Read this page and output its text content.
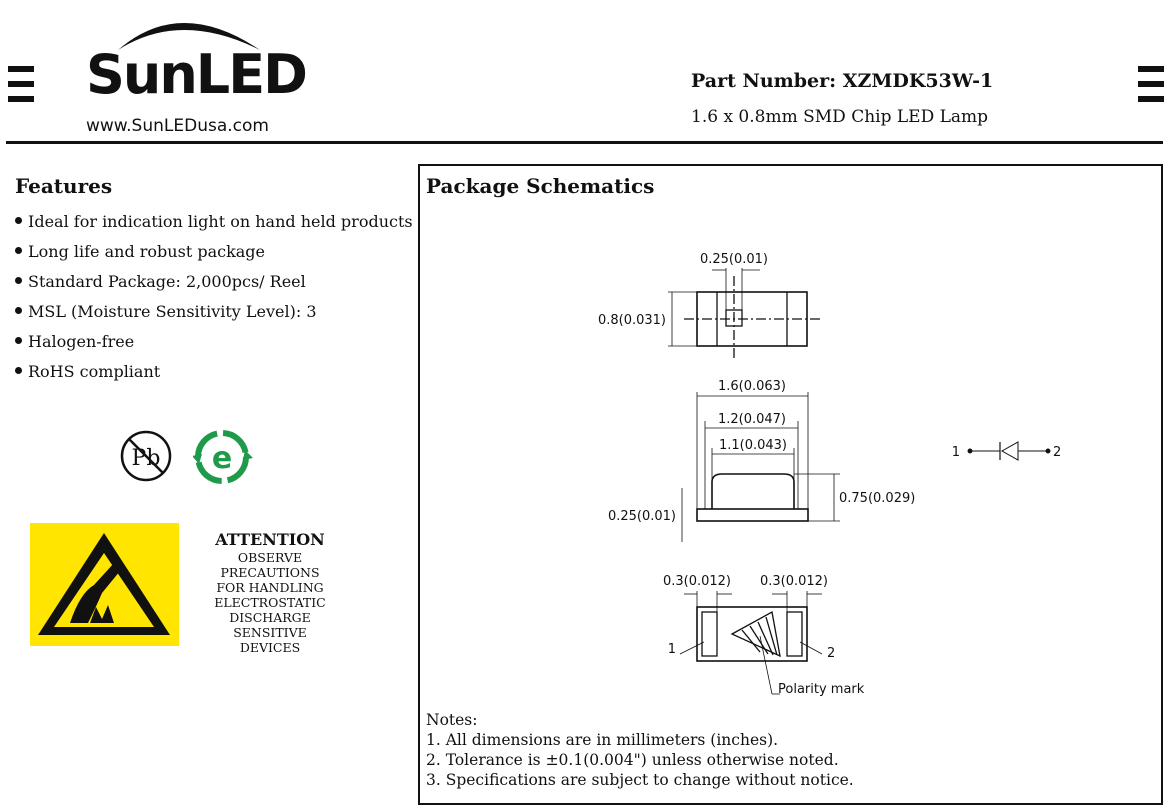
SunLED
www.SunLEDusa.com
Part Number: XZMDK53W-1
1.6 x 0.8mm SMD Chip LED Lamp
Features
Ideal for indication light on hand held products
Long life and robust package
Standard Package: 2,000pcs/ Reel
MSL (Moisture Sensitivity Level): 3
Halogen-free
RoHS compliant
Pb e
ATTENTION
OBSERVE PRECAUTIONS
FOR HANDLING
ELECTROSTATIC
DISCHARGE
SENSITIVE
DEVICES
Package Schematics
0.25(0.01)
0.8(0.031)
1.6(0.063)
1.2(0.047)
1.1(0.043)
0.75(0.029)
0.25(0.01)
0.3(0.012) 0.3(0.012)
1	2
Polarity mark
1	2
Notes:
1. All dimensions are in millimeters (inches).
2. Tolerance is ±0.1(0.004") unless otherwise noted.
3. Specifications are subject to change without notice.
